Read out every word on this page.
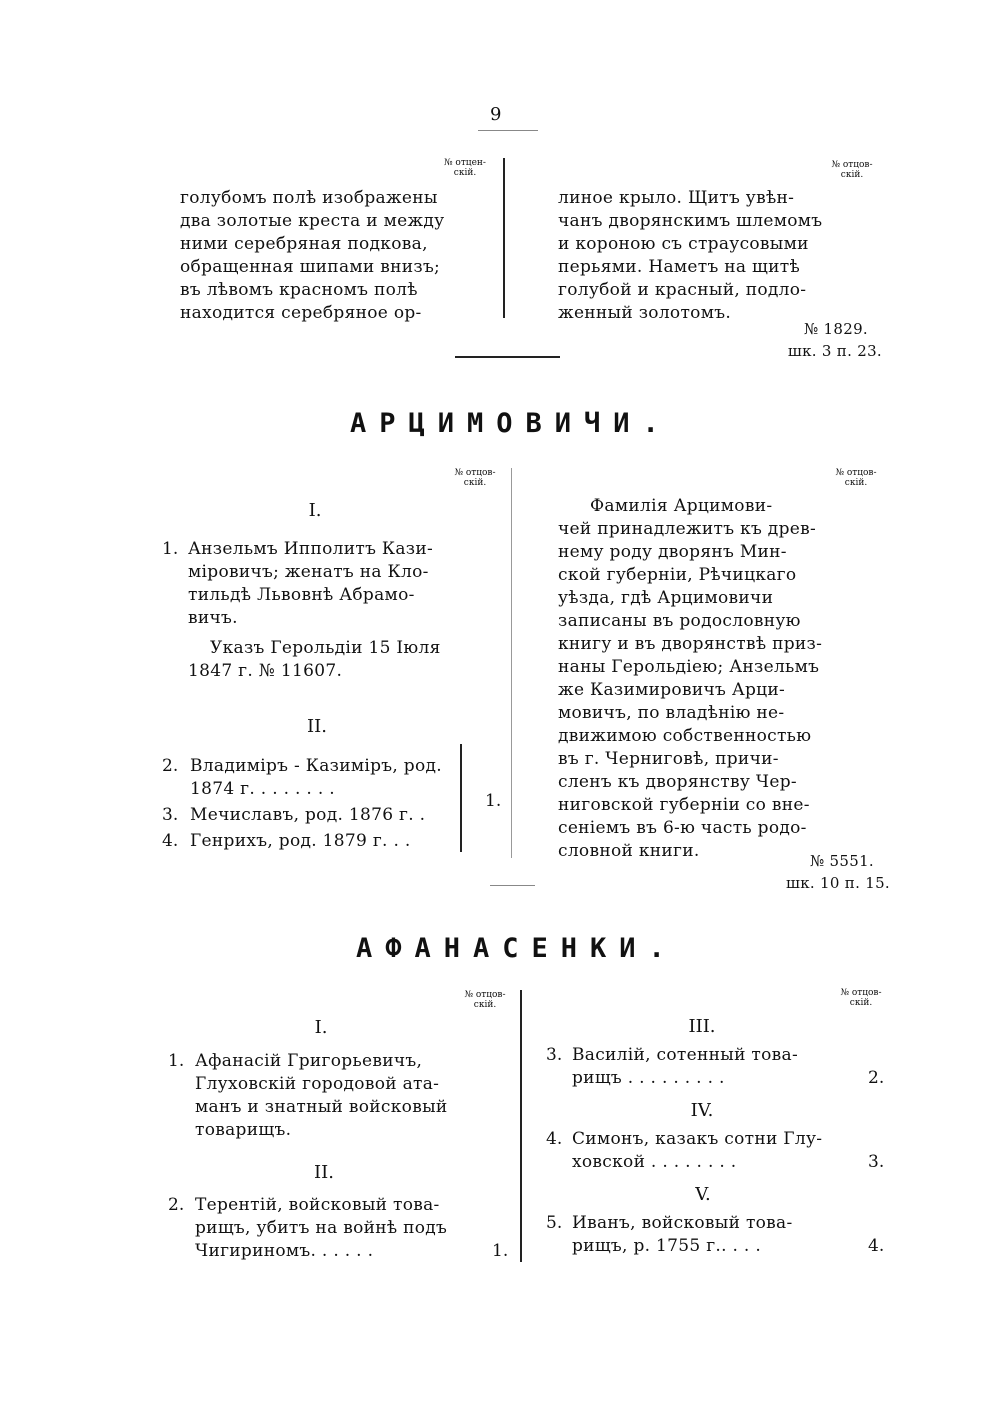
9
№ отцен-
скій.
№ отцов-
скій.
голубомъ полѣ изображены
два золотые креста и между
ними серебряная подкова,
обращенная шипами внизъ;
въ лѣвомъ красномъ полѣ
находится серебряное ор-
линое крыло. Щитъ увѣн-
чанъ дворянскимъ шлемомъ
и короною съ страусовыми
перьями. Наметъ на щитѣ
голубой и красный, подло-
женный золотомъ.
№ 1829.
шк. 3 п. 23.
АРЦИМОВИЧИ.
№ отцов-
скій.
№ отцов-
скій.
I.
1. Анзельмъ Ипполитъ Кази-
міровичъ; женатъ на Кло-
тильдѣ Львовнѣ Абрамо-
вичъ.
Указъ Герольдіи 15 Іюля
1847 г. № 11607.
II.
2. Владиміръ - Казиміръ, род.
1874 г. . . . . . . .
3. Мечиславъ, род. 1876 г. .
4. Генрихъ, род. 1879 г. . .
1.
Фамилія Арцимови-
чей принадлежитъ къ древ-
нему роду дворянъ Мин-
ской губерніи, Рѣчицкаго
уѣзда, гдѣ Арцимовичи
записаны въ родословную
книгу и въ дворянствѣ приз-
наны Герольдіею; Анзельмъ
же Казимировичъ Арци-
мовичъ, по владѣнію не-
движимою собственностью
въ г. Черниговѣ, причи-
сленъ къ дворянству Чер-
ниговской губерніи со вне-
сеніемъ въ 6-ю часть родо-
словной книги.	№ 5551.
шк. 10 п. 15.
АФАНАСЕНКИ.
№ отцов-
скій.
№ отцов-
скій.
I.
1. Афанасій Григорьевичъ,
Глуховскій городовой ата-
манъ и знатный войсковый
товарищъ.
II.
2. Терентій, войсковый това-
рищъ, убитъ на войнѣ подъ
Чигириномъ. . . . . .	1.
III.
3. Василій, сотенный това-
рищъ . . . . . . . . .	2.
IV.
4. Симонъ, казакъ сотни Глу-
ховской . . . . . . . .	3.
V.
5. Иванъ, войсковый това-
рищъ, р. 1755 г.. . . .	4.
